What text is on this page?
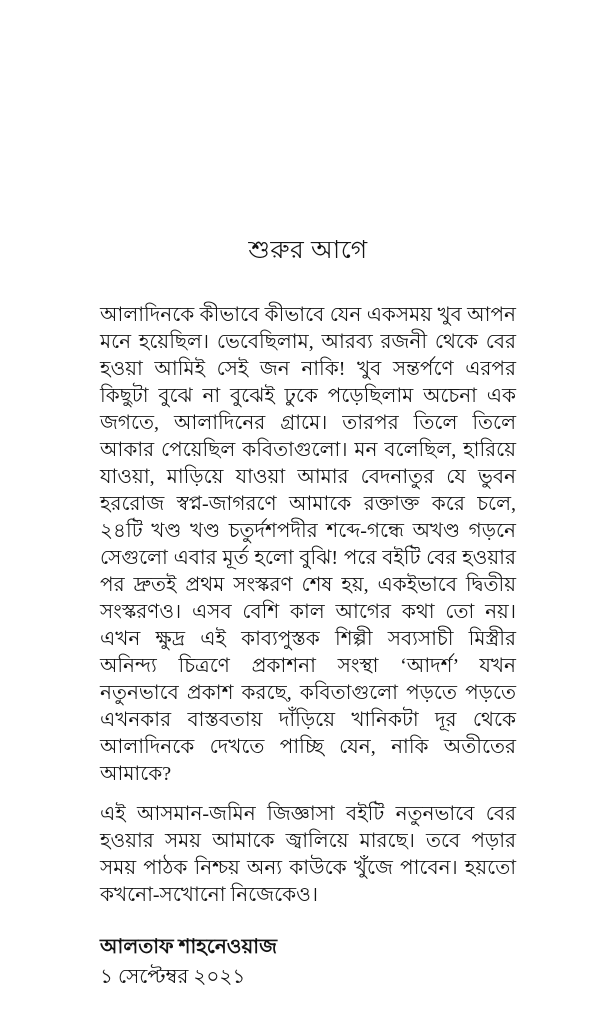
শুরুর আগে

আলাদিনকে কীভাবে কীভাবে যেন একসময় খুব আপন মনে হয়েছিল। ভেবেছিলাম, আরব্য রজনী থেকে বের হওয়া আমিই সেই জন নাকি! খুব সন্তর্পণে এরপর কিছুটা বুঝে না বুঝেই ঢুকে পড়েছিলাম অচেনা এক জগতে, আলাদিনের গ্রামে। তারপর তিলে তিলে আকার পেয়েছিল কবিতাগুলো। মন বলেছিল, হারিয়ে যাওয়া, মাড়িয়ে যাওয়া আমার বেদনাতুর যে ভুবন হররোজ স্বপ্ন-জাগরণে আমাকে রক্তাক্ত করে চলে, ২৪টি খণ্ড খণ্ড চতুর্দশপদীর শব্দে-গন্ধে অখণ্ড গড়নে সেগুলো এবার মূর্ত হলো বুঝি! পরে বইটি বের হওয়ার পর দ্রুতই প্রথম সংস্করণ শেষ হয়, একইভাবে দ্বিতীয় সংস্করণও। এসব বেশি কাল আগের কথা তো নয়। এখন ক্ষুদ্র এই কাব্যপুস্তক শিল্পী সব্যসাচী মিস্ত্রীর অনিন্দ্য চিত্রণে প্রকাশনা সংস্থা ‘আদর্শ’ যখন নতুনভাবে প্রকাশ করছে, কবিতাগুলো পড়তে পড়তে এখনকার বাস্তবতায় দাঁড়িয়ে খানিকটা দূর থেকে আলাদিনকে দেখতে পাচ্ছি যেন, নাকি অতীতের আমাকে?

এই আসমান-জমিন জিজ্ঞাসা বইটি নতুনভাবে বের হওয়ার সময় আমাকে জ্বালিয়ে মারছে। তবে পড়ার সময় পাঠক নিশ্চয় অন্য কাউকে খুঁজে পাবেন। হয়তো কখনো-সখোনো নিজেকেও।

আলতাফ শাহনেওয়াজ
১ সেপ্টেম্বর ২০২১
